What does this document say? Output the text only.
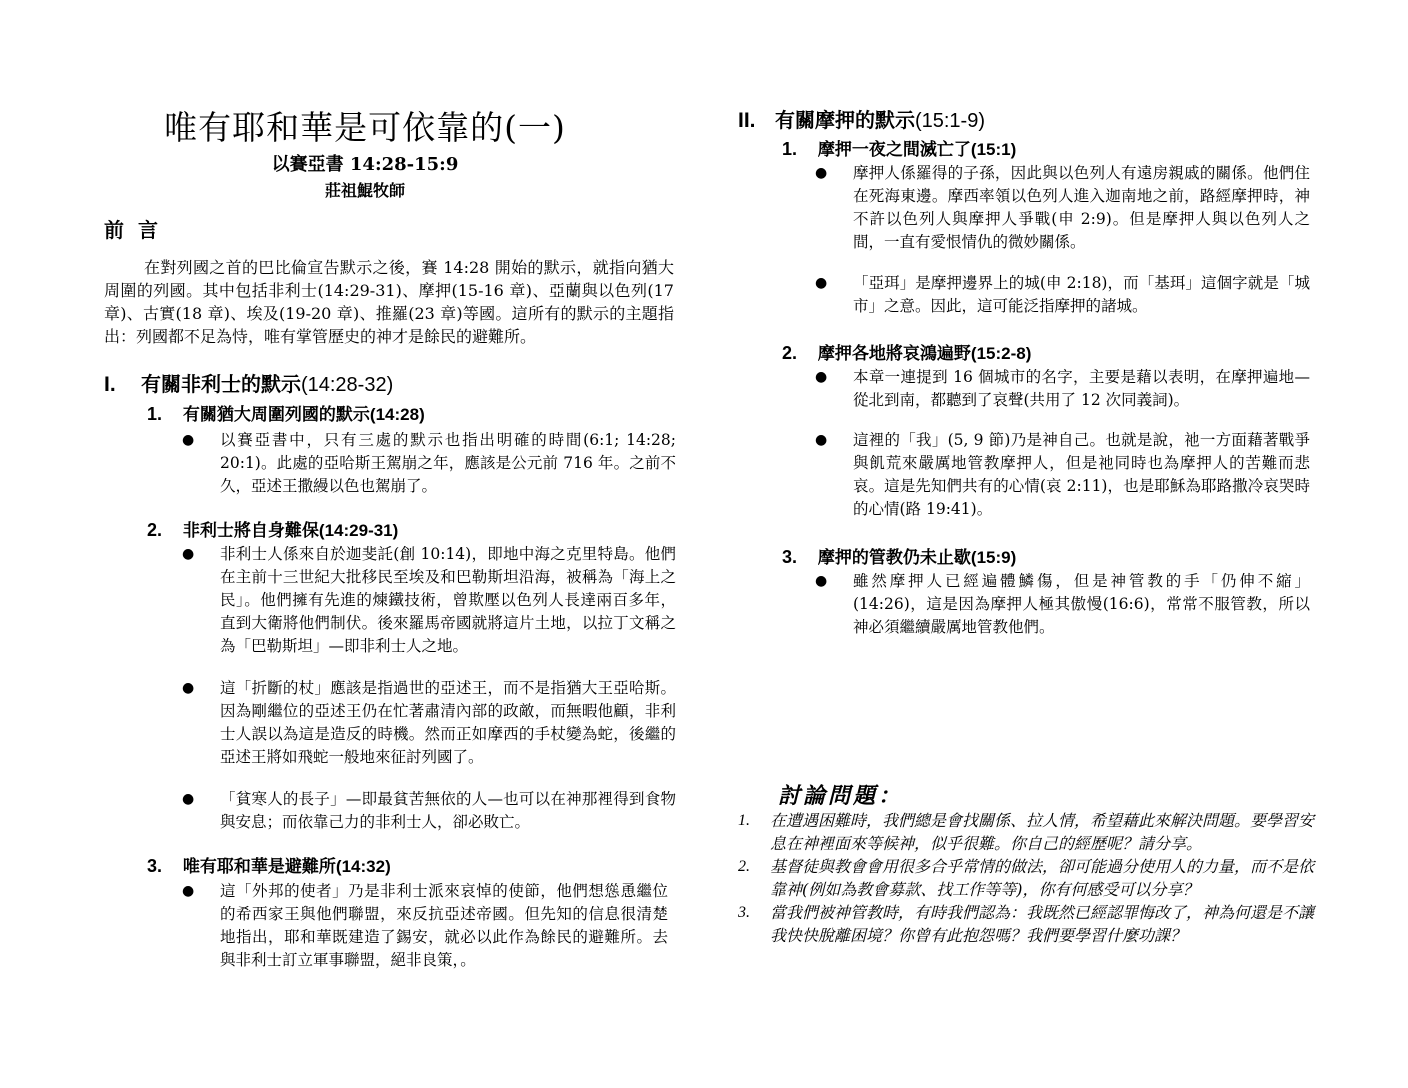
唯有耶和華是可依靠的(一)
以賽亞書 14:28-15:9
莊祖鯤牧師
前言
在對列國之首的巴比倫宣告默示之後，賽 14:28 開始的默示，就指向猶大周圍的列國。其中包括非利士(14:29-31)、摩押(15-16 章)、亞蘭與以色列(17 章)、古實(18 章)、埃及(19-20 章)、推羅(23 章)等國。這所有的默示的主題指出：列國都不足為恃，唯有掌管歷史的神才是餘民的避難所。
I. 有關非利士的默示(14:28-32)
1. 有關猶大周圍列國的默示(14:28)
● 以賽亞書中，只有三處的默示也指出明確的時間(6:1; 14:28; 20:1)。此處的亞哈斯王駕崩之年，應該是公元前 716 年。之前不久，亞述王撒縵以色也駕崩了。
2. 非利士將自身難保(14:29-31)
● 非利士人係來自於迦斐託(創 10:14)，即地中海之克里特島。他們在主前十三世紀大批移民至埃及和巴勒斯坦沿海，被稱為「海上之民」。他們擁有先進的煉鐵技術，曾欺壓以色列人長達兩百多年，直到大衛將他們制伏。後來羅馬帝國就將這片土地，以拉丁文稱之為「巴勒斯坦」—即非利士人之地。
● 這「折斷的杖」應該是指過世的亞述王，而不是指猶大王亞哈斯。因為剛繼位的亞述王仍在忙著肅清內部的政敵，而無暇他顧，非利士人誤以為這是造反的時機。然而正如摩西的手杖變為蛇，後繼的亞述王將如飛蛇一般地來征討列國了。
● 「貧寒人的長子」—即最貧苦無依的人—也可以在神那裡得到食物與安息；而依靠己力的非利士人，卻必敗亡。
3. 唯有耶和華是避難所(14:32)
● 這「外邦的使者」乃是非利士派來哀悼的使節，他們想慫恿繼位的希西家王與他們聯盟，來反抗亞述帝國。但先知的信息很清楚地指出，耶和華既建造了錫安，就必以此作為餘民的避難所。去與非利士訂立軍事聯盟，絕非良策，。
II. 有關摩押的默示(15:1-9)
1. 摩押一夜之間滅亡了(15:1)
● 摩押人係羅得的子孫，因此與以色列人有遠房親戚的關係。他們住在死海東邊。摩西率領以色列人進入迦南地之前，路經摩押時，神不許以色列人與摩押人爭戰(申 2:9)。但是摩押人與以色列人之間，一直有愛恨情仇的微妙關係。
● 「亞珥」是摩押邊界上的城(申 2:18)，而「基珥」這個字就是「城市」之意。因此，這可能泛指摩押的諸城。
2. 摩押各地將哀鴻遍野(15:2-8)
● 本章一連提到 16 個城市的名字，主要是藉以表明，在摩押遍地—從北到南，都聽到了哀聲(共用了 12 次同義詞)。
● 這裡的「我」(5, 9 節)乃是神自己。也就是說，祂一方面藉著戰爭與飢荒來嚴厲地管教摩押人，但是祂同時也為摩押人的苦難而悲哀。這是先知們共有的心情(哀 2:11)，也是耶穌為耶路撒冷哀哭時的心情(路 19:41)。
3. 摩押的管教仍未止歇(15:9)
● 雖然摩押人已經遍體鱗傷，但是神管教的手「仍伸不縮」(14:26)，這是因為摩押人極其傲慢(16:6)，常常不服管教，所以神必須繼續嚴厲地管教他們。
討論問題：
1. 在遭遇困難時，我們總是會找關係、拉人情，希望藉此來解決問題。要學習安息在神裡面來等候神，似乎很難。你自己的經歷呢？請分享。
2. 基督徒與教會會用很多合乎常情的做法，卻可能過分使用人的力量，而不是依靠神(例如為教會募款、找工作等等)，你有何感受可以分享？
3. 當我們被神管教時，有時我們認為：我既然已經認罪悔改了，神為何還是不讓我快快脫離困境？你曾有此抱怨嗎？我們要學習什麼功課？
